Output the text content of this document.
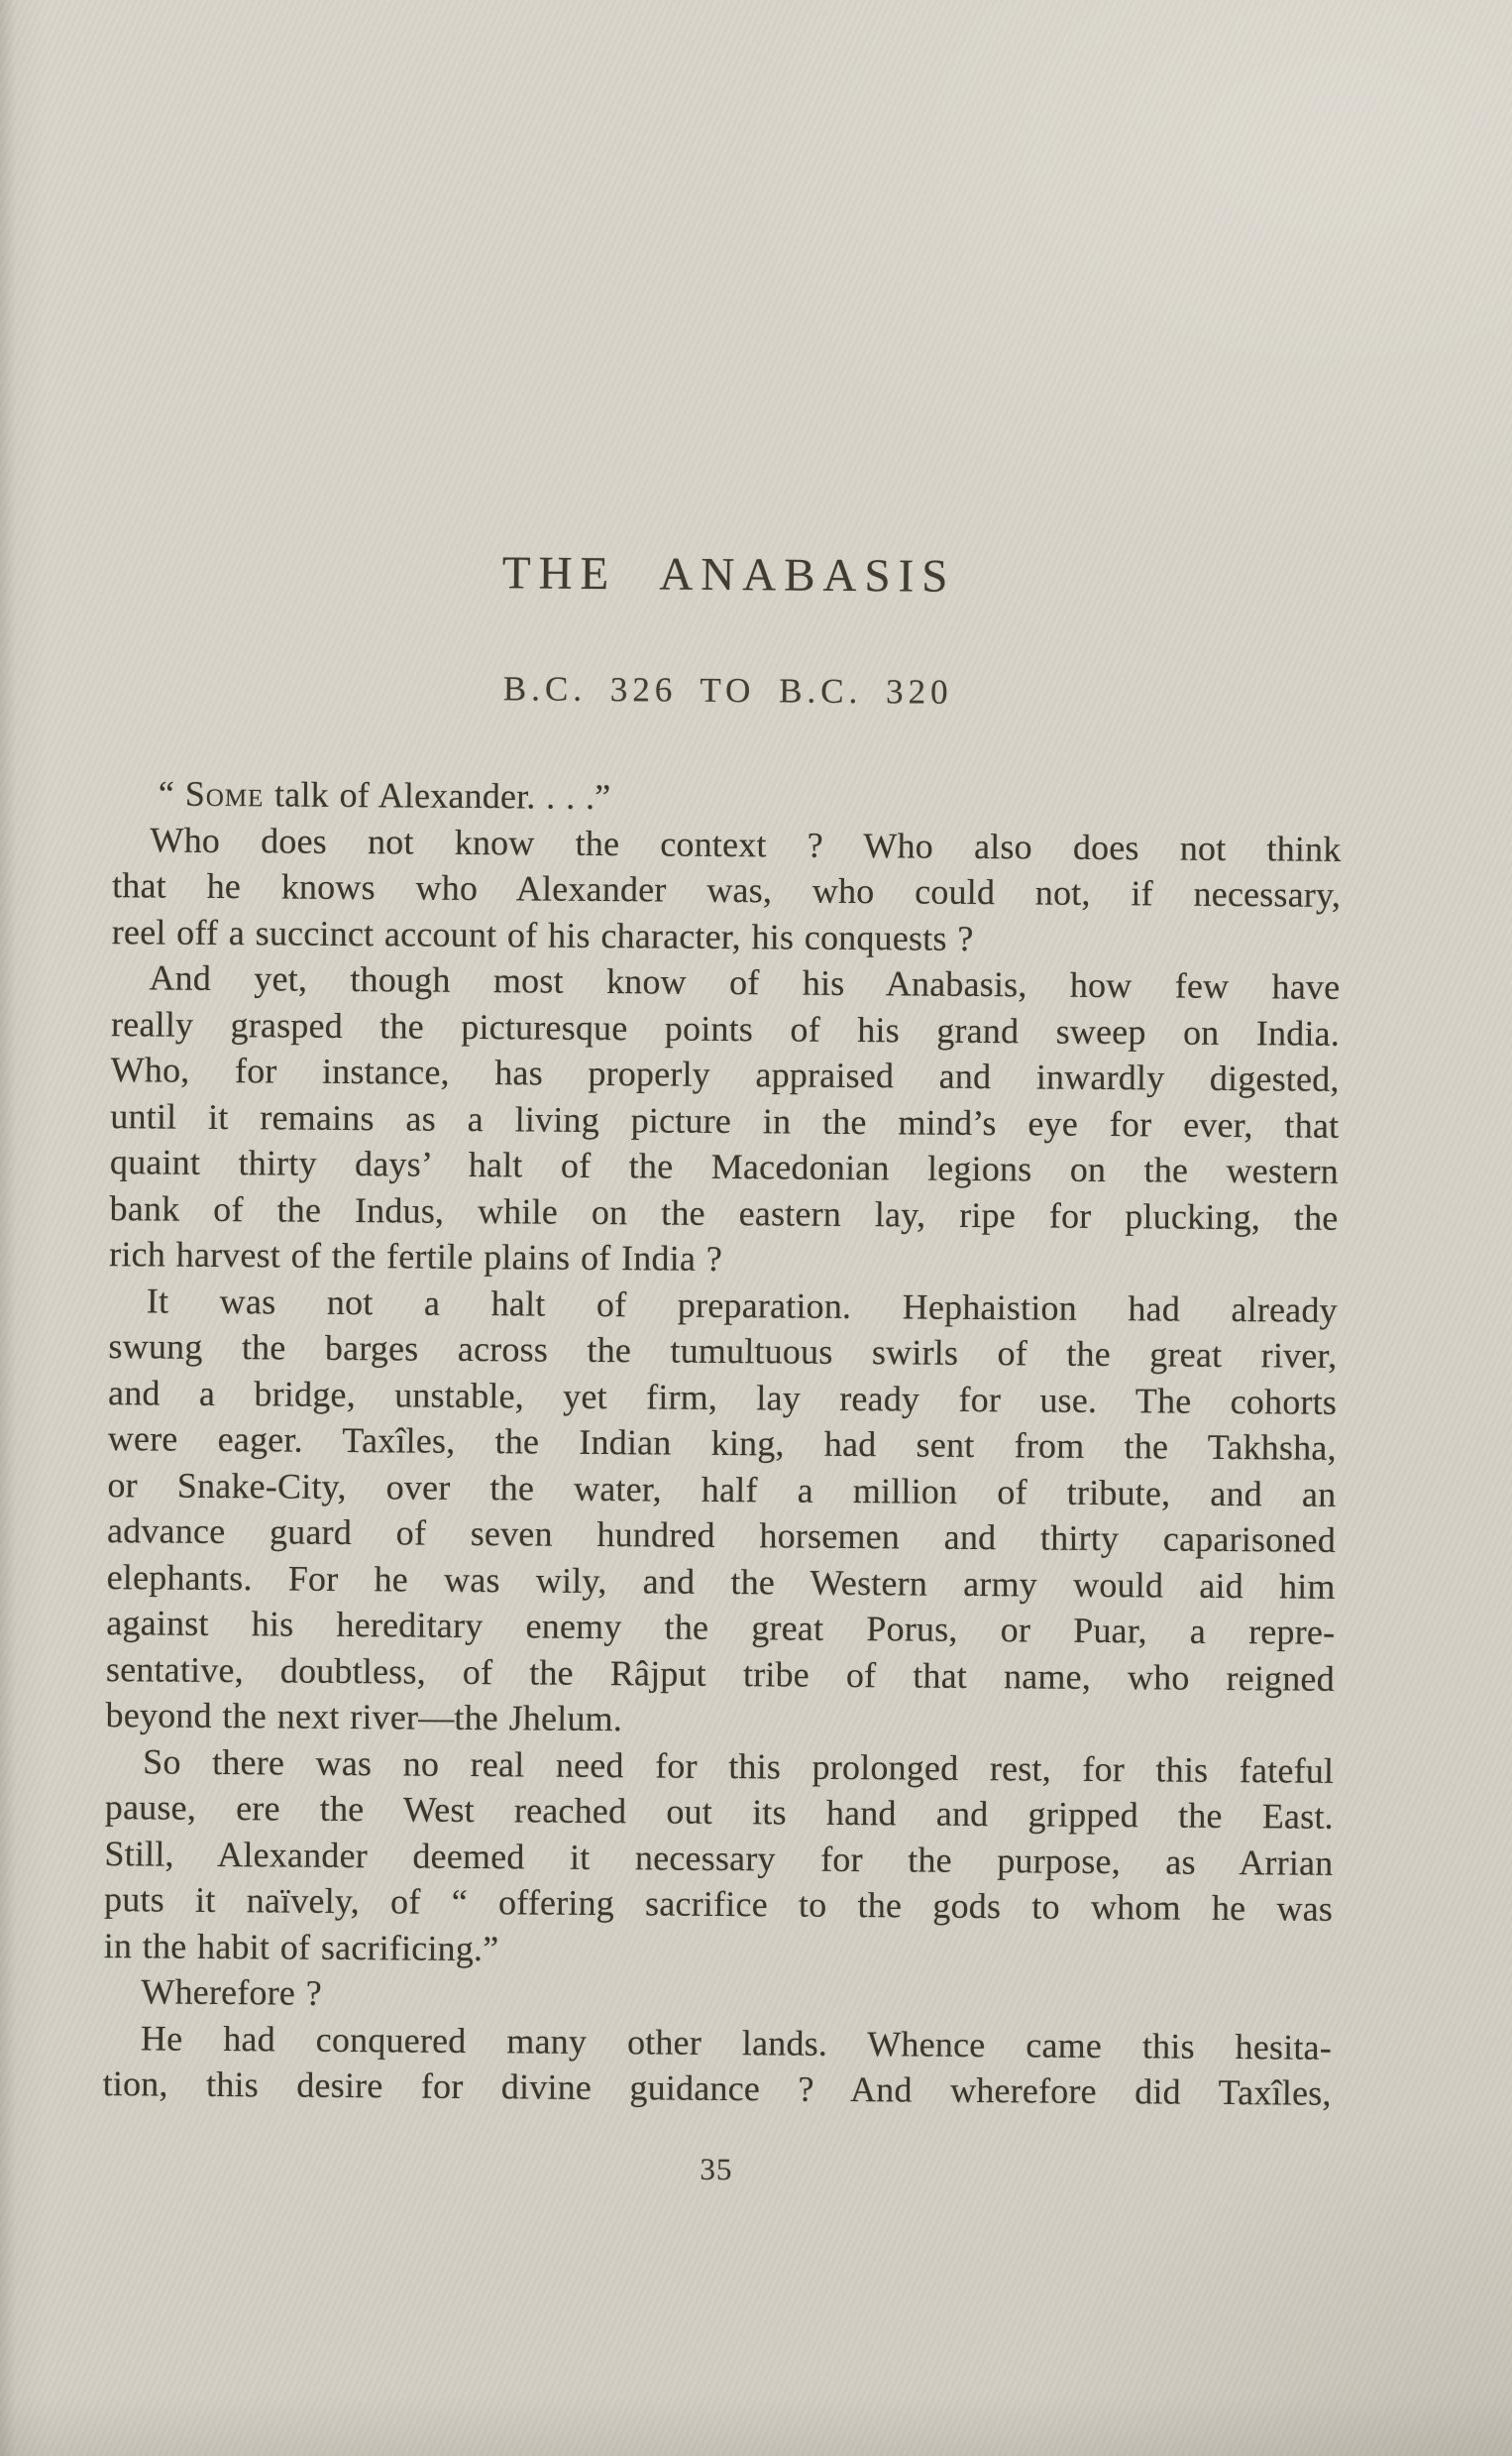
THE ANABASIS
B.C. 326 TO B.C. 320
“ Some talk of Alexander. . . .”
Who does not know the context ? Who also does not think
that he knows who Alexander was, who could not, if necessary,
reel off a succinct account of his character, his conquests ?
And yet, though most know of his Anabasis, how few have
really grasped the picturesque points of his grand sweep on India.
Who, for instance, has properly appraised and inwardly digested,
until it remains as a living picture in the mind’s eye for ever, that
quaint thirty days’ halt of the Macedonian legions on the western
bank of the Indus, while on the eastern lay, ripe for plucking, the
rich harvest of the fertile plains of India ?
It was not a halt of preparation. Hephaistion had already
swung the barges across the tumultuous swirls of the great river,
and a bridge, unstable, yet firm, lay ready for use. The cohorts
were eager. Taxîles, the Indian king, had sent from the Takhsha,
or Snake-City, over the water, half a million of tribute, and an
advance guard of seven hundred horsemen and thirty caparisoned
elephants. For he was wily, and the Western army would aid him
against his hereditary enemy the great Porus, or Puar, a repre-
sentative, doubtless, of the Râjput tribe of that name, who reigned
beyond the next river—the Jhelum.
So there was no real need for this prolonged rest, for this fateful
pause, ere the West reached out its hand and gripped the East.
Still, Alexander deemed it necessary for the purpose, as Arrian
puts it naïvely, of “ offering sacrifice to the gods to whom he was
in the habit of sacrificing.”
Wherefore ?
He had conquered many other lands. Whence came this hesita-
tion, this desire for divine guidance ? And wherefore did Taxîles,
35
